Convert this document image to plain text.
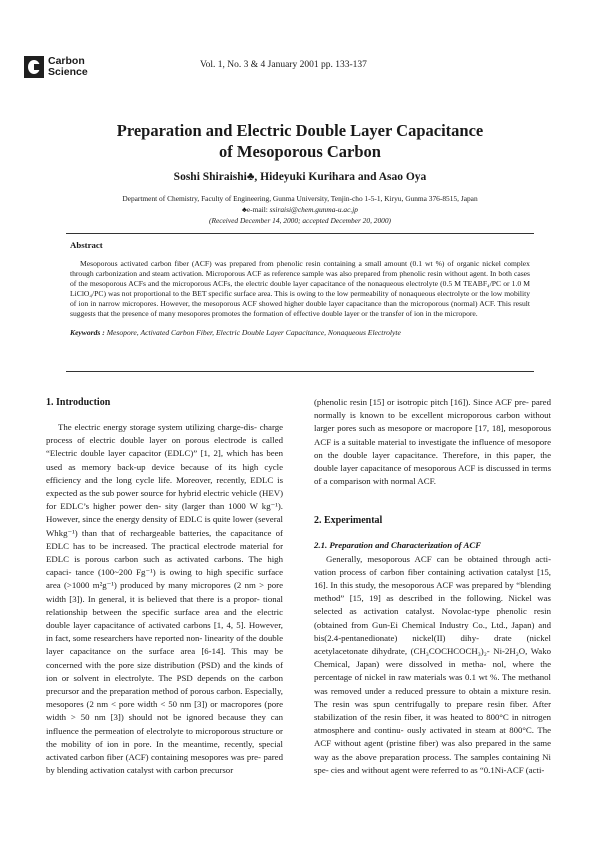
Carbon
Science
Vol. 1, No. 3 & 4 January 2001 pp. 133-137
Preparation and Electric Double Layer Capacitance
of Mesoporous Carbon
Soshi Shiraishi♣, Hideyuki Kurihara and Asao Oya
Department of Chemistry, Faculty of Engineering, Gunma University, Tenjin-cho 1-5-1, Kiryu, Gunma 376-8515, Japan
♣e-mail: ssiraisi@chem.gunma-u.ac.jp
(Received December 14, 2000; accepted December 20, 2000)
Abstract

Mesoporous activated carbon fiber (ACF) was prepared from phenolic resin containing a small amount (0.1 wt %) of organic nickel complex through carbonization and steam activation. Microporous ACF as reference sample was also prepared from phenolic resin without agent. In both cases of the mesoporous ACFs and the microporous ACFs, the electric double layer capacitance of the nonaqueous electrolyte (0.5 M TEABF₄/PC or 1.0 M LiClO₄/PC) was not proportional to the BET specific surface area. This is owing to the low permeability of nonaqueous electrolyte or the low mobility of ion in narrow micropores. However, the mesoporous ACF showed higher double layer capacitance than the microporous (normal) ACF. This result suggests that the presence of many mesopores promotes the formation of effective double layer or the transfer of ion in the micropore.

Keywords : Mesopore, Activated Carbon Fiber, Electric Double Layer Capacitance, Nonaqueous Electrolyte
1. Introduction

The electric energy storage system utilizing charge-dis- charge process of electric double layer on porous electrode is called “Electric double layer capacitor (EDLC)” [1, 2], which has been used as memory back-up device because of its high cycle efficiency and the long cycle life. Moreover, recently, EDLC is expected as the sub power source for hybrid electric vehicle (HEV) for EDLC’s higher power den- sity (larger than 1000 W kg⁻¹). However, since the energy density of EDLC is quite lower (several Whkg⁻¹) than that of rechargeable batteries, the capacitance of EDLC has to be increased. The practical electrode material for EDLC is porous carbon such as activated carbons. The high capaci- tance (100~200 Fg⁻¹) is owing to high specific surface area (>1000 m²g⁻¹) produced by many micropores (2 nm > pore width [3]). In general, it is believed that there is a propor- tional relationship between the specific surface area and the electric double layer capacitance of activated carbons [1, 4, 5]. However, in fact, some researchers have reported non- linearity of the double layer capacitance on the surface area [6-14]. This may be concerned with the pore size distribution (PSD) and the kinds of ion or solvent in electrolyte. The PSD depends on the carbon precursor and the preparation method of porous carbon. Especially, mesopores (2 nm < pore width < 50 nm [3]) or macropores (pore width > 50 nm [3]) should not be ignored because they can influence the permeation of electrolyte to microporous structure or the mobility of ion in pore. In the meantime, recently, special activated carbon fiber (ACF) containing mesopores was pre- pared by blending activation catalyst with carbon precursor

(phenolic resin [15] or isotropic pitch [16]). Since ACF pre- pared normally is known to be excellent microporous carbon without larger pores such as mesopore or macropore [17, 18], mesoporous ACF is a suitable material to investigate the influence of mesopore on the double layer capacitance. Therefore, in this paper, the double layer capacitance of mesoporous ACF is discussed in terms of a comparison with normal ACF.

2. Experimental
2.1. Preparation and Characterization of ACF

Generally, mesoporous ACF can be obtained through acti- vation process of carbon fiber containing activation catalyst [15, 16]. In this study, the mesoporous ACF was prepared by “blending method” [15, 19] as described in the following. Nickel was selected as activation catalyst. Novolac-type phenolic resin (obtained from Gun-Ei Chemical Industry Co., Ltd., Japan) and bis(2.4-pentanedionate) nickel(II) dihy- drate (nickel acetylacetonate dihydrate, (CH₃COCHCOCH₃)₂- Ni-2H₂O, Wako Chemical, Japan) were dissolved in metha- nol, where the percentage of nickel in raw materials was 0.1 wt %. The methanol was removed under a reduced pressure to obtain a mixture resin. The resin was spun centrifugally to prepare resin fiber. After stabilization of the resin fiber, it was heated to 800°C in nitrogen atmosphere and continu- ously activated in steam at 800°C. The ACF without agent (pristine fiber) was also prepared in the same way as the above preparation process. The samples containing Ni spe- cies and without agent were referred to as “0.1Ni-ACF (acti-
